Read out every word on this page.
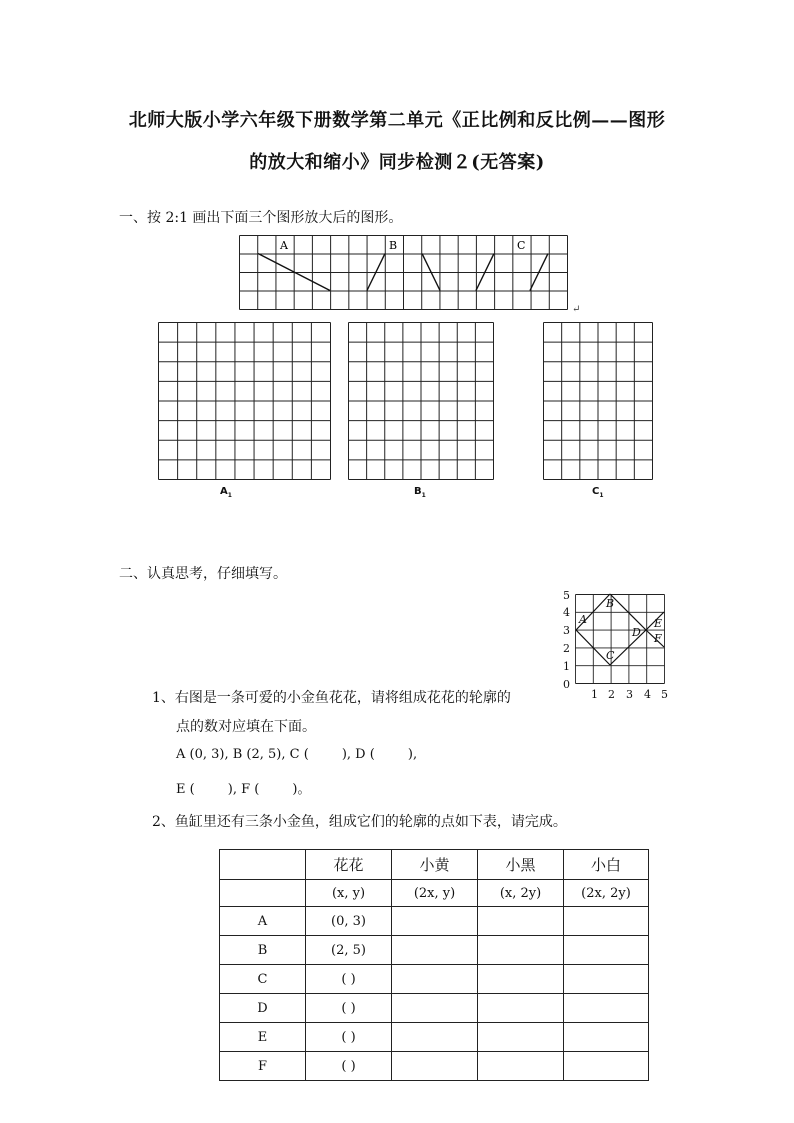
北师大版小学六年级下册数学第二单元《正比例和反比例——图形
的放大和缩小》同步检测２(无答案)
一、按 2:1 画出下面三个图形放大后的图形。
A	B	C
↵
$A_1$	$B_1$	$C_1$
二、认真思考，仔细填写。
5
4
3
2
1
0
1 2 3 4 5
A
B
C
D
E
F
1、右图是一条可爱的小金鱼花花，请将组成花花的轮廓的
点的数对应填在下面。
A (0, 3), B (2, 5), C (        ), D (        ),
E (        ), F (        )。
2、鱼缸里还有三条小金鱼，组成它们的轮廓的点如下表，请完成。
	花花	小黄	小黑	小白
	(x, y)	(2x, y)	(x, 2y)	(2x, 2y)
A	(0, 3)			
B	(2, 5)			
C	( )			
D	( )			
E	( )			
F	( )			
